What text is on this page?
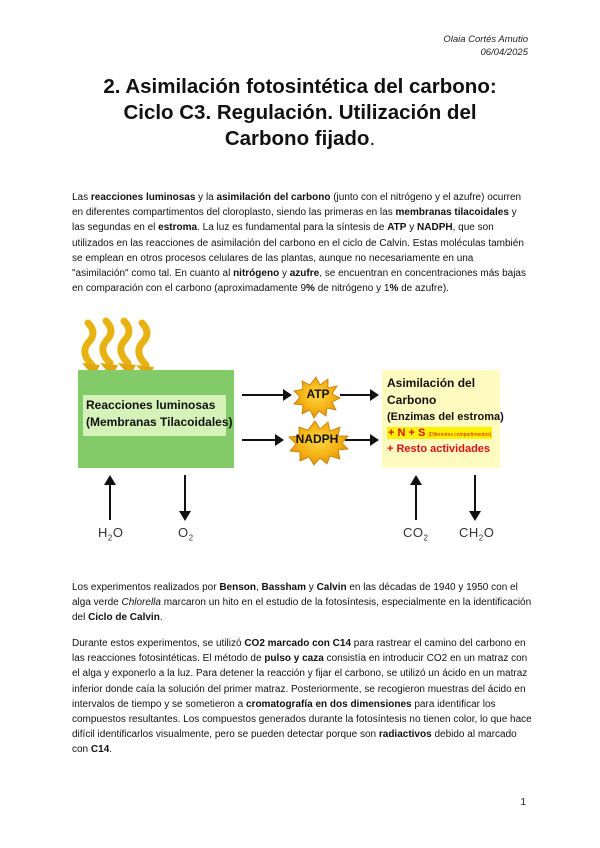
Olaia Cortés Amutio
06/04/2025
2. Asimilación fotosintética del carbono:
Ciclo C3. Regulación. Utilización del
Carbono fijado.
Las reacciones luminosas y la asimilación del carbono (junto con el nitrógeno y el azufre) ocurren en diferentes compartimentos del cloroplasto, siendo las primeras en las membranas tilacoidales y las segundas en el estroma. La luz es fundamental para la síntesis de ATP y NADPH, que son utilizados en las reacciones de asimilación del carbono en el ciclo de Calvin. Estas moléculas también se emplean en otros procesos celulares de las plantas, aunque no necesariamente en una "asimilación" como tal. En cuanto al nitrógeno y azufre, se encuentran en concentraciones más bajas en comparación con el carbono (aproximadamente 9% de nitrógeno y 1% de azufre).
Reacciones luminosas
(Membranas Tilacoidales)
ATP
NADPH
Asimilación del
Carbono
(Enzimas del estroma)
+ N + S (Diferentes compartimentos)
+ Resto actividades
$H_2O$	$O_2$	$CO_2$ $CH_2O$
Los experimentos realizados por Benson, Bassham y Calvin en las décadas de 1940 y 1950 con el alga verde Chlorella marcaron un hito en el estudio de la fotosíntesis, especialmente en la identificación del Ciclo de Calvin.
Durante estos experimentos, se utilizó CO2 marcado con C14 para rastrear el camino del carbono en las reacciones fotosintéticas. El método de pulso y caza consistía en introducir CO2 en un matraz con el alga y exponerlo a la luz. Para detener la reacción y fijar el carbono, se utilizó un ácido en un matraz inferior donde caía la solución del primer matraz. Posteriormente, se recogieron muestras del ácido en intervalos de tiempo y se sometieron a cromatografía en dos dimensiones para identificar los compuestos resultantes. Los compuestos generados durante la fotosíntesis no tienen color, lo que hace difícil identificarlos visualmente, pero se pueden detectar porque son radiactivos debido al marcado con C14.
1
